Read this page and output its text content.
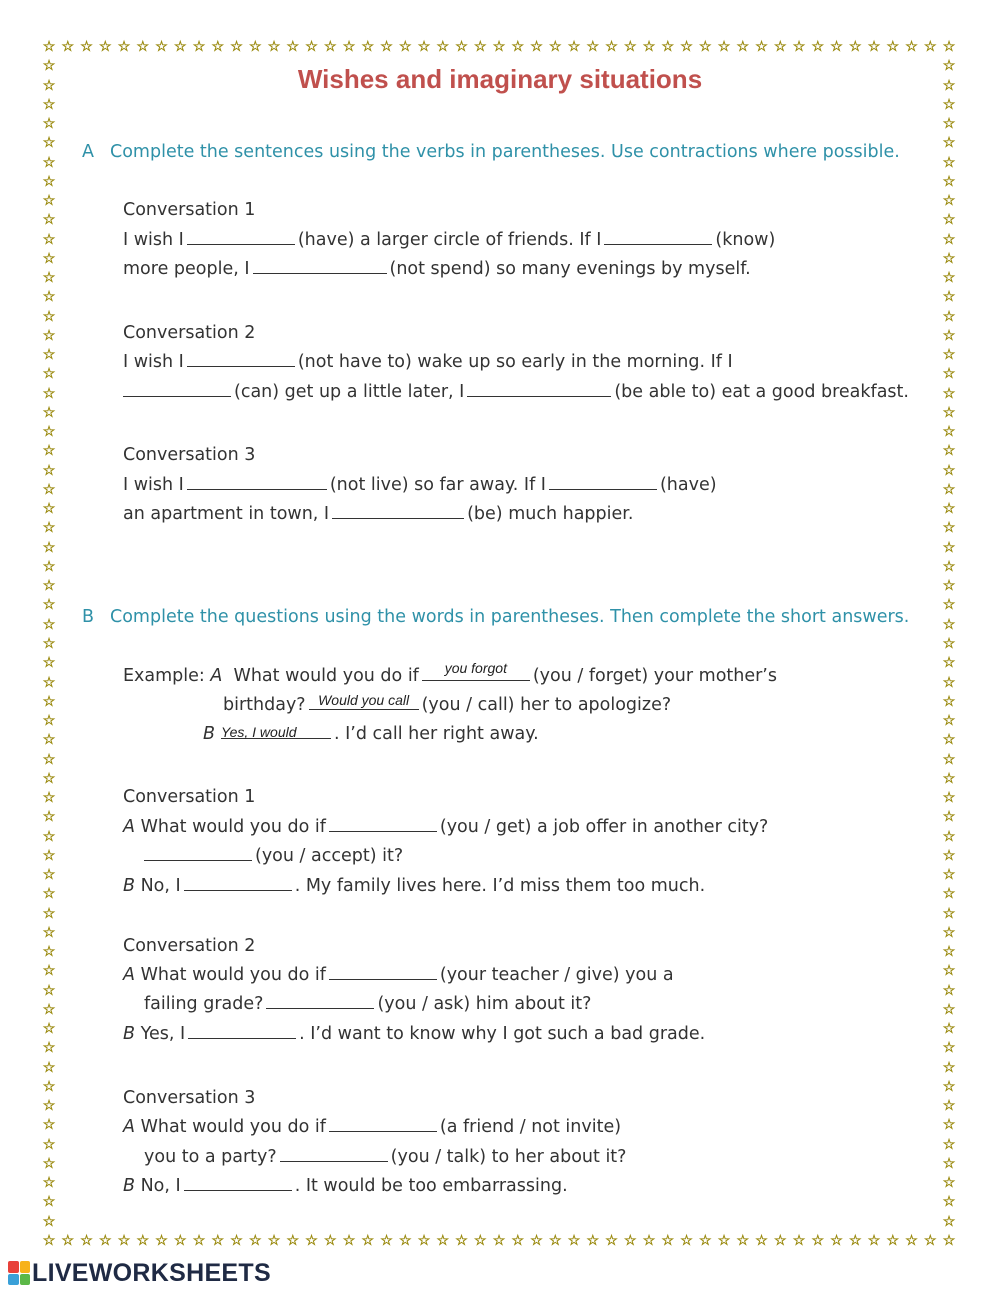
☆
☆
☆
☆
☆
☆
☆
☆
☆
☆
☆
☆
☆
☆
☆
☆
☆
☆
☆
☆
☆
☆
☆
☆
☆
☆
☆
☆
☆
☆
☆
☆
☆
☆
☆
☆
☆
☆
☆
☆
☆
☆
☆
☆
☆
☆
☆
☆
☆
☆
☆
☆
☆
☆
☆
☆
☆
☆
☆
☆
☆
☆
☆
☆
☆
☆
☆
☆
☆
☆
☆
☆
☆
☆
☆
☆
☆
☆
☆
☆
☆
☆
☆
☆
☆
☆
☆
☆
☆
☆
☆
☆
☆
☆
☆
☆
☆
☆
☆	☆
☆	☆
☆	☆
☆	☆
☆	☆
☆	☆
☆	☆
☆	☆
☆	☆
☆	☆
☆	☆
☆	☆
☆	☆
☆	☆
☆	☆
☆	☆
☆	☆
☆	☆
☆	☆
☆	☆
☆	☆
☆	☆
☆	☆
☆	☆
☆	☆
☆	☆
☆	☆
☆	☆
☆	☆
☆	☆
☆	☆
☆	☆
☆	☆
☆	☆
☆	☆
☆	☆
☆	☆
☆	☆
☆	☆
☆	☆
☆	☆
☆	☆
☆	☆
☆	☆
☆	☆
☆	☆
☆	☆
☆	☆
☆	☆
☆	☆
☆	☆
☆	☆
☆	☆
☆	☆
☆	☆
☆	☆
☆	☆
☆	☆
☆	☆
☆	☆
☆	☆
Wishes and imaginary situations
A Complete the sentences using the verbs in parentheses. Use contractions where possible.
Conversation 1
I wish I	(have) a larger circle of friends. If I	(know)
more people, I	(not spend) so many evenings by myself.
Conversation 2
I wish I	(not have to) wake up so early in the morning. If I
(can) get up a little later, I	(be able to) eat a good breakfast.
Conversation 3
I wish I	(not live) so far away. If I	(have)
an apartment in town, I	(be) much happier.
B Complete the questions using the words in parentheses. Then complete the short answers.
Example: A What would you do if	you forgot	(you / forget) your mother’s
birthday? Would you call (you / call) her to apologize?
B Yes, I would	. I’d call her right away.
Conversation 1
A What would you do if	(you / get) a job offer in another city?
(you / accept) it?
B No, I	. My family lives here. I’d miss them too much.
Conversation 2
A What would you do if	(your teacher / give) you a
failing grade?	(you / ask) him about it?
B Yes, I	. I’d want to know why I got such a bad grade.
Conversation 3
A What would you do if	(a friend / not invite)
you to a party?	(you / talk) to her about it?
B No, I	. It would be too embarrassing.
LIVEWORKSHEETS
